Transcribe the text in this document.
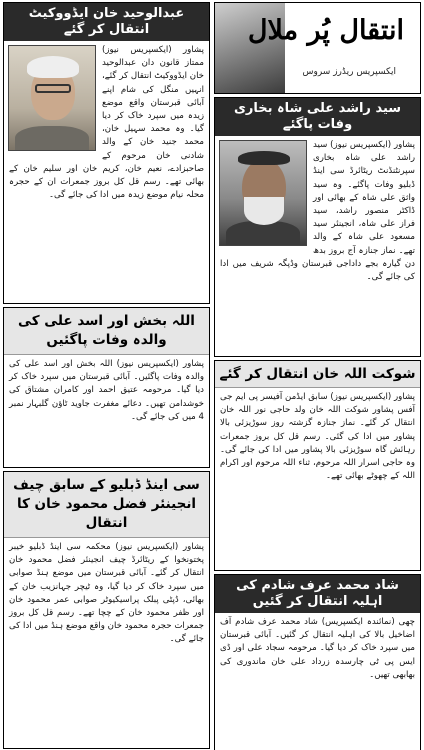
انتقال پُر ملال
ایکسپریس ریڈرز سروس
سید راشد علی شاہ بخاری وفات پاگئے
پشاور (ایکسپریس نیوز) سید راشد علی شاہ بخاری سپرنٹنڈنٹ ریٹائرڈ سی اینڈ ڈبلیو وفات پاگئے۔ وہ سید واثق علی شاہ کے بھائی اور ڈاکٹر منصور راشد، سید فراز علی شاہ، انجینئر سید مسعود علی شاہ کے والد تھے۔ نماز جنازہ آج بروز بدھ دن گیارہ بجے داداجی قبرستان وڈپگہ شریف میں ادا کی جائے گی۔
شوکت اللہ خان انتقال کر گئے
پشاور (ایکسپریس نیوز) سابق ایڈمن آفیسر پی ایم جی آفس پشاور شوکت اللہ خان ولد حاجی نور اللہ خان انتقال کر گئے۔ نماز جنازہ گزشتہ روز سوڑیزئی بالا پشاور میں ادا کی گئی۔ رسم قل کل بروز جمعرات رہائش گاہ سوڑیزئی بالا پشاور میں ادا کی جائے گی۔ وہ حاجی اسرار اللہ مرحوم، ثناء اللہ مرحوم اور اکرام اللہ کے چھوٹے بھائی تھے۔
شاد محمد عرف شادم کی اہلیہ انتقال کر گئیں
چھی (نمائندہ ایکسپریس) شاد محمد عرف شادم آف اضاخیل بالا کی اہلیہ انتقال کر گئیں۔ آبائی قبرستان میں سپرد خاک کر دیا گیا۔ مرحومہ سجاد علی اور ڈی ایس پی ٹی چارسدہ زرداد علی خان ماندوری کی بھابھی تھیں۔
عبدالوحید خان ایڈووکیٹ انتقال کر گئے
پشاور (ایکسپریس نیوز) ممتاز قانون دان عبدالوحید خان ایڈووکیٹ انتقال کر گئے، انہیں منگل کی شام اپنے آبائی قبرستان واقع موضع زیدہ میں سپرد خاک کر دیا گیا۔ وہ محمد سہیل خان، محمد جنید خان کے والد شادنی خان مرحوم کے صاحبزادے، نعیم خان، کریم خان اور سلیم خان کے بھائی تھے۔ رسم قل کل بروز جمعرات ان کے حجرہ محلہ نیام موضع زیدہ میں ادا کی جائے گی۔
اللہ بخش اور اسد علی کی والدہ وفات پاگئیں
پشاور (ایکسپریس نیوز) اللہ بخش اور اسد علی کی والدہ وفات پاگئیں۔ آبائی قبرستان میں سپرد خاک کر دیا گیا۔ مرحومہ عتیق احمد اور کامران مشتاق کی خوشدامن تھیں۔ دعائے مغفرت جاوید ٹاؤن گلبہار نمبر 4 میں کی جائے گی۔
سی اینڈ ڈبلیو کے سابق چیف انجینئر فضل محمود خان کا انتقال
پشاور (ایکسپریس نیوز) محکمہ سی اینڈ ڈبلیو خیبر پختونخوا کے ریٹائرڈ چیف انجینئر فضل محمود خان انتقال کر گئے۔ آبائی قبرستان میں موضع ہنڈ صوابی میں سپرد خاک کر دیا گیا، وہ ٹیچر جہانزیب خان کے بھائی، ڈپٹی پبلک پراسیکیوٹر صوابی عمر محمود خان اور ظفر محمود خان کے چچا تھے۔ رسم قل کل بروز جمعرات حجرہ محمود خان واقع موضع ہنڈ میں ادا کی جائے گی۔
